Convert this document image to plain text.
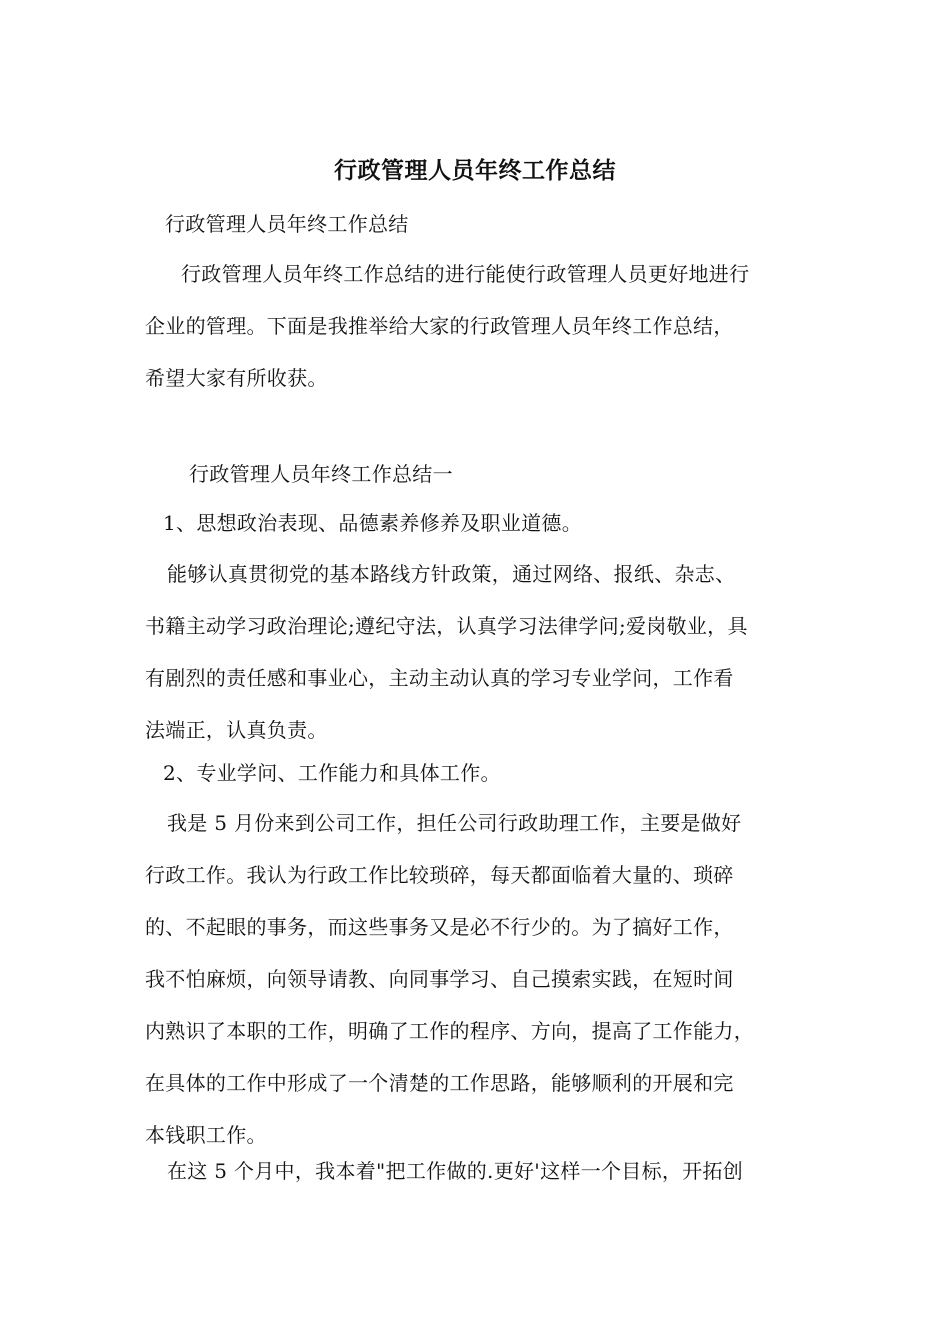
行政管理人员年终工作总结

行政管理人员年终工作总结

行政管理人员年终工作总结的进行能使行政管理人员更好地进行
企业的管理。下面是我推举给大家的行政管理人员年终工作总结，
希望大家有所收获。

行政管理人员年终工作总结一

1、思想政治表现、品德素养修养及职业道德。

能够认真贯彻党的基本路线方针政策，通过网络、报纸、杂志、
书籍主动学习政治理论;遵纪守法，认真学习法律学问;爱岗敬业，具
有剧烈的责任感和事业心，主动主动认真的学习专业学问，工作看
法端正，认真负责。

2、专业学问、工作能力和具体工作。

我是 5 月份来到公司工作，担任公司行政助理工作，主要是做好
行政工作。我认为行政工作比较琐碎，每天都面临着大量的、琐碎
的、不起眼的事务，而这些事务又是必不行少的。为了搞好工作，
我不怕麻烦，向领导请教、向同事学习、自己摸索实践，在短时间
内熟识了本职的工作，明确了工作的程序、方向，提高了工作能力，
在具体的工作中形成了一个清楚的工作思路，能够顺利的开展和完
本钱职工作。

在这 5 个月中，我本着"把工作做的.更好'这样一个目标，开拓创
